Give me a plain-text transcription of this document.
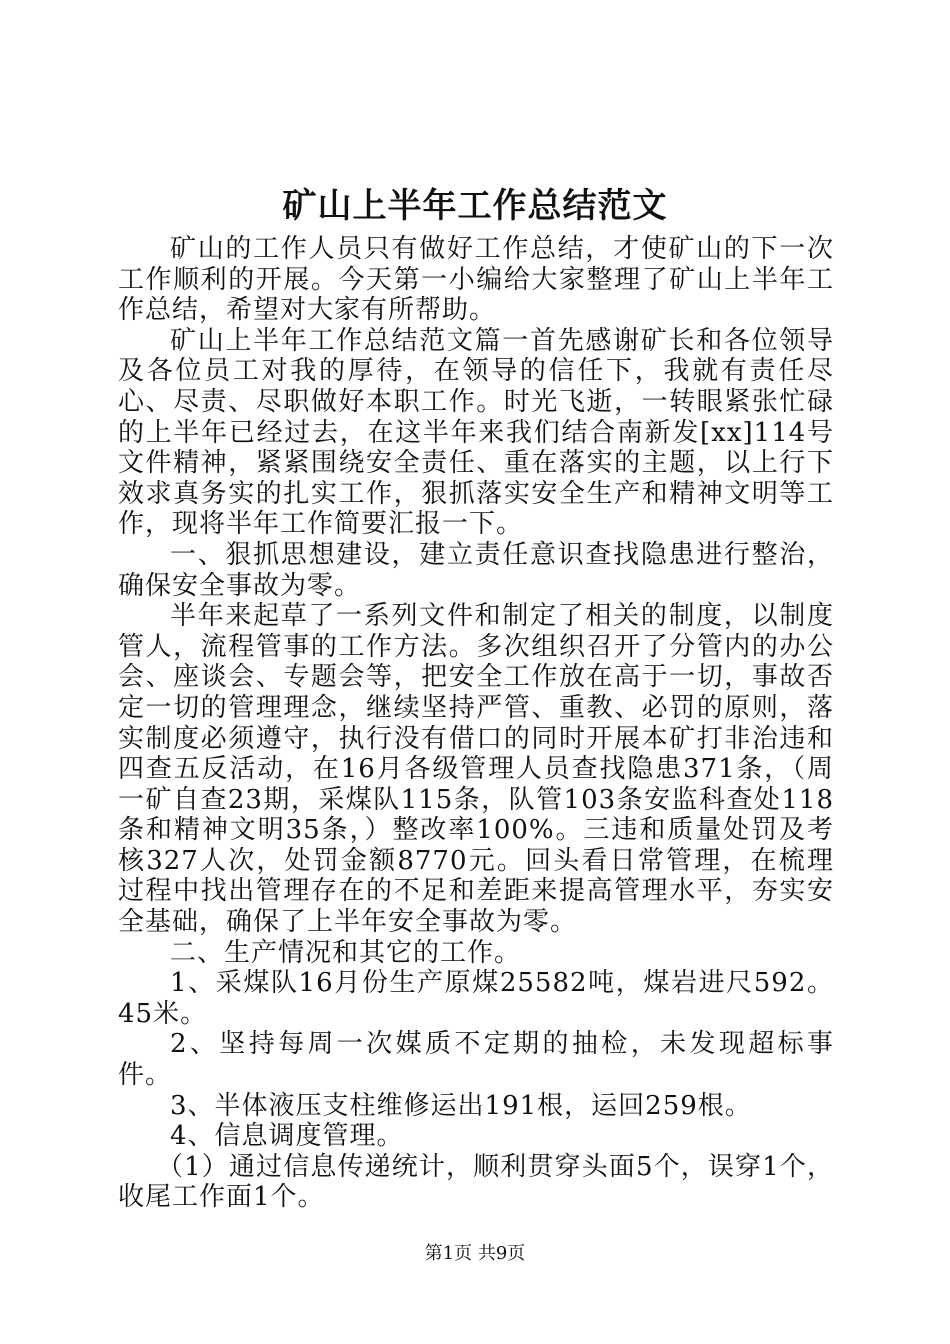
矿山上半年工作总结范文

矿山的工作人员只有做好工作总结，才使矿山的下一次工作顺利的开展。今天第一小编给大家整理了矿山上半年工作总结，希望对大家有所帮助。

矿山上半年工作总结范文篇一首先感谢矿长和各位领导及各位员工对我的厚待，在领导的信任下，我就有责任尽心、尽责、尽职做好本职工作。时光飞逝，一转眼紧张忙碌的上半年已经过去，在这半年来我们结合南新发[xx]114号文件精神，紧紧围绕安全责任、重在落实的主题，以上行下效求真务实的扎实工作，狠抓落实安全生产和精神文明等工作，现将半年工作简要汇报一下。

一、狠抓思想建设，建立责任意识查找隐患进行整治，确保安全事故为零。

半年来起草了一系列文件和制定了相关的制度，以制度管人，流程管事的工作方法。多次组织召开了分管内的办公会、座谈会、专题会等，把安全工作放在高于一切，事故否定一切的管理理念，继续坚持严管、重教、必罚的原则，落实制度必须遵守，执行没有借口的同时开展本矿打非治违和四查五反活动，在16月各级管理人员查找隐患371条，（周一矿自查23期，采煤队115条，队管103条安监科查处118条和精神文明35条，）整改率100%。三违和质量处罚及考核327人次，处罚金额8770元。回头看日常管理，在梳理过程中找出管理存在的不足和差距来提高管理水平，夯实安全基础，确保了上半年安全事故为零。

二、生产情况和其它的工作。

1、采煤队16月份生产原煤25582吨，煤岩进尺592。45米。

2、坚持每周一次媒质不定期的抽检，未发现超标事件。

3、半体液压支柱维修运出191根，运回259根。

4、信息调度管理。

（1）通过信息传递统计，顺利贯穿头面5个，误穿1个，收尾工作面1个。

第1页 共9页
